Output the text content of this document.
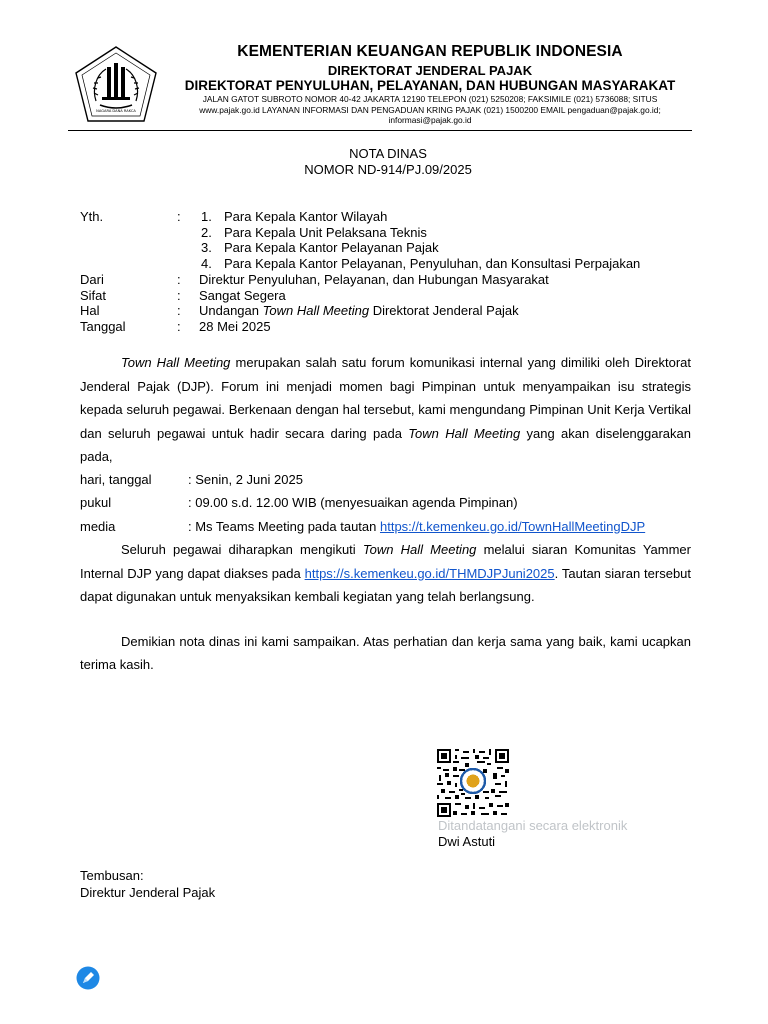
NAGARA DANA RAKCA
KEMENTERIAN KEUANGAN REPUBLIK INDONESIA
DIREKTORAT JENDERAL PAJAK
DIREKTORAT PENYULUHAN, PELAYANAN, DAN HUBUNGAN MASYARAKAT
JALAN GATOT SUBROTO NOMOR 40-42 JAKARTA 12190 TELEPON (021) 5250208; FAKSIMILE (021) 5736088; SITUS
www.pajak.go.id LAYANAN INFORMASI DAN PENGADUAN KRING PAJAK (021) 1500200 EMAIL pengaduan@pajak.go.id;
informasi@pajak.go.id
NOTA DINAS
NOMOR ND-914/PJ.09/2025
Yth.	: 1. Para Kepala Kantor Wilayah
2. Para Kepala Unit Pelaksana Teknis
3. Para Kepala Kantor Pelayanan Pajak
4. Para Kepala Kantor Pelayanan, Penyuluhan, dan Konsultasi Perpajakan
Dari	: Direktur Penyuluhan, Pelayanan, dan Hubungan Masyarakat
Sifat	: Sangat Segera
Hal	: Undangan Town Hall Meeting Direktorat Jenderal Pajak
Tanggal	: 28 Mei 2025
Town Hall Meeting merupakan salah satu forum komunikasi internal yang dimiliki oleh Direktorat Jenderal Pajak (DJP). Forum ini menjadi momen bagi Pimpinan untuk menyampaikan isu strategis kepada seluruh pegawai. Berkenaan dengan hal tersebut, kami mengundang Pimpinan Unit Kerja Vertikal dan seluruh pegawai untuk hadir secara daring pada Town Hall Meeting yang akan diselenggarakan pada,
hari, tanggal	: Senin, 2 Juni 2025
pukul	: 09.00 s.d. 12.00 WIB (menyesuaikan agenda Pimpinan)
media	: Ms Teams Meeting pada tautan https://t.kemenkeu.go.id/TownHallMeetingDJP
Seluruh pegawai diharapkan mengikuti Town Hall Meeting melalui siaran Komunitas Yammer Internal DJP yang dapat diakses pada https://s.kemenkeu.go.id/THMDJPJuni2025. Tautan siaran tersebut dapat digunakan untuk menyaksikan kembali kegiatan yang telah berlangsung.
Demikian nota dinas ini kami sampaikan. Atas perhatian dan kerja sama yang baik, kami ucapkan terima kasih.
Ditandatangani secara elektronik
Dwi Astuti
Tembusan:
Direktur Jenderal Pajak
